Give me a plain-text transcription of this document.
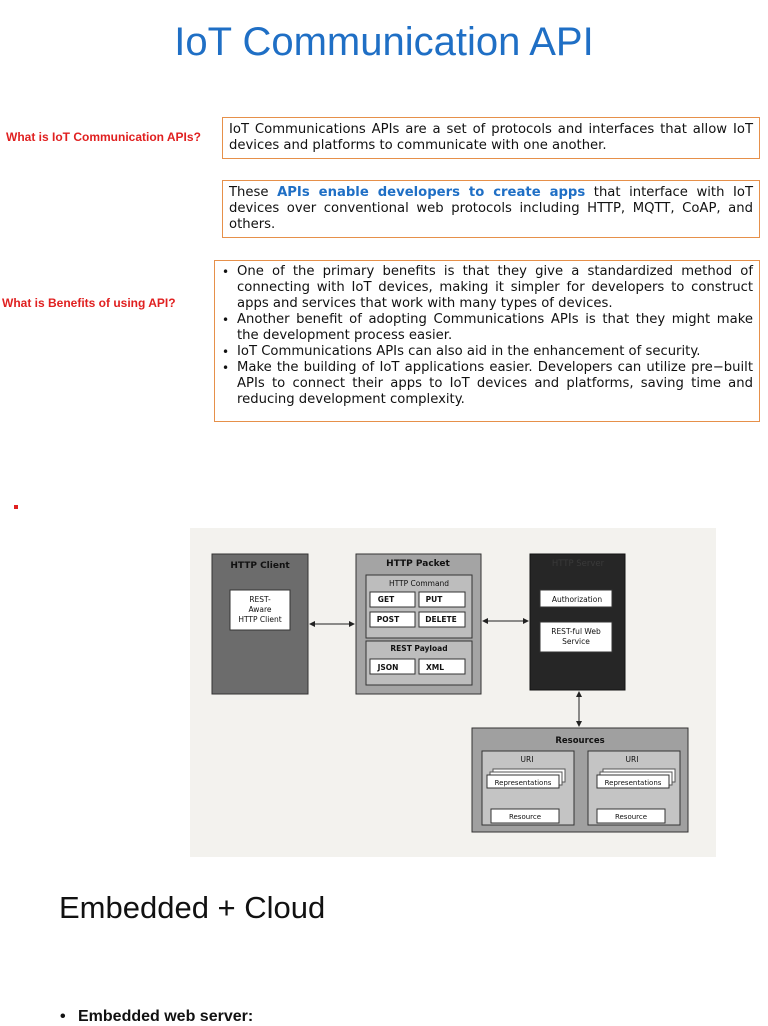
IoT Communication API
What is IoT Communication APIs? IoT Communications APIs are a set of protocols and interfaces that allow IoT devices and platforms to communicate with one another.

These APIs enable developers to create apps that interface with IoT devices over conventional web protocols including HTTP, MQTT, CoAP, and others.

What is Benefits of using API?
• One of the primary benefits is that they give a standardized method of connecting with IoT devices, making it simpler for developers to construct apps and services that work with many types of devices.
• Another benefit of adopting Communications APIs is that they might make the development process easier.
• IoT Communications APIs can also aid in the enhancement of security.
• Make the building of IoT applications easier. Developers can utilize pre−built APIs to connect their apps to IoT devices and platforms, saving time and reducing development complexity.
HTTP Client
REST-
Aware
HTTP Client
HTTP Packet
HTTP Command
GET	PUT
POST	DELETE
REST Payload
JSON	XML
HTTP Server
Authorization
REST-ful Web
Service
Resources
URI
Representations
Resource
URI
Representations
Resource
Embedded + Cloud
• Embedded web server:
